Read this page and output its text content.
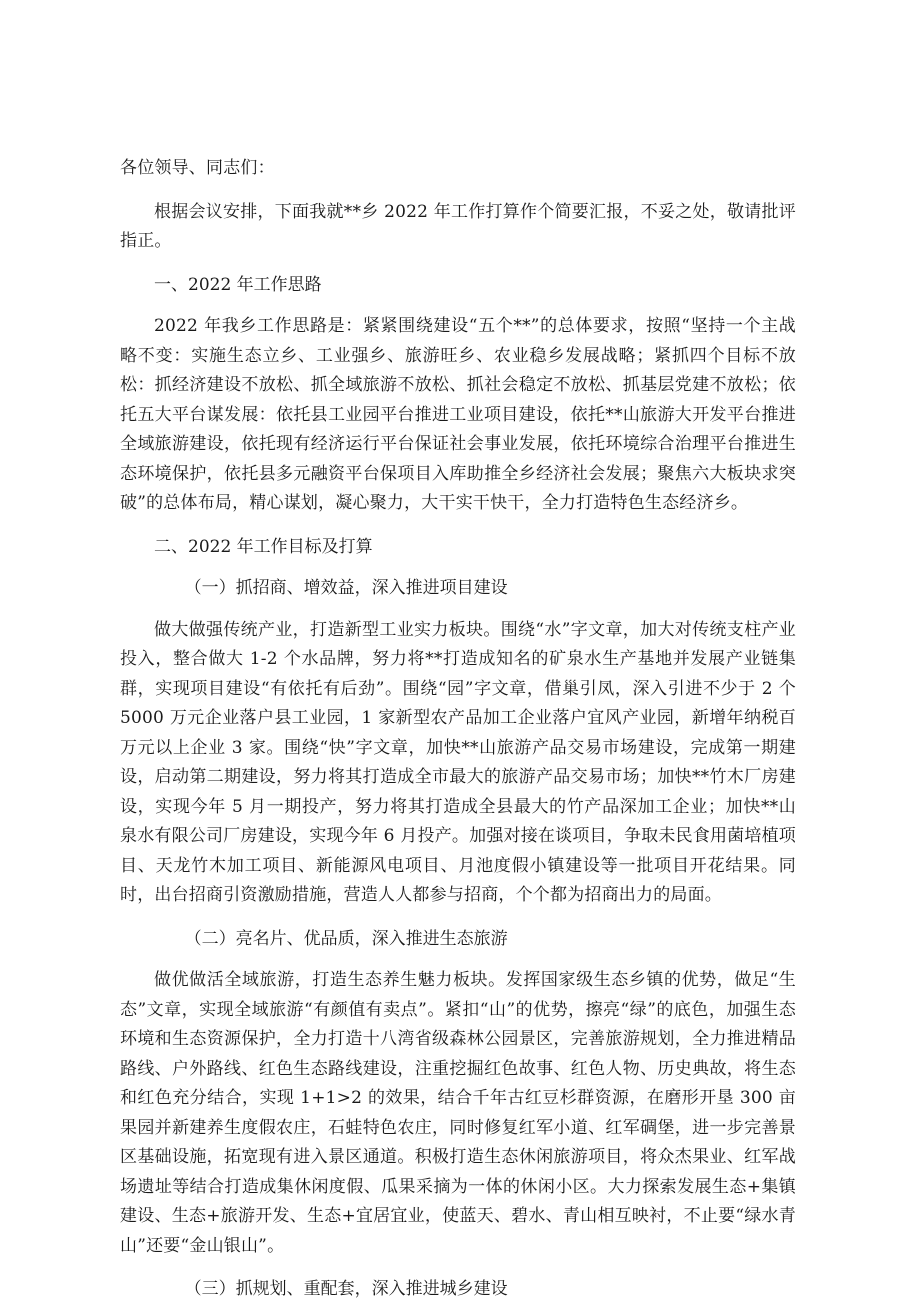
各位领导、同志们：

根据会议安排，下面我就**乡 2022 年工作打算作个简要汇报，不妥之处，敬请批评指正。

一、2022 年工作思路

2022 年我乡工作思路是：紧紧围绕建设“五个**”的总体要求，按照“坚持一个主战略不变：实施生态立乡、工业强乡、旅游旺乡、农业稳乡发展战略；紧抓四个目标不放松：抓经济建设不放松、抓全域旅游不放松、抓社会稳定不放松、抓基层党建不放松；依托五大平台谋发展：依托县工业园平台推进工业项目建设，依托**山旅游大开发平台推进全域旅游建设，依托现有经济运行平台保证社会事业发展，依托环境综合治理平台推进生态环境保护，依托县多元融资平台保项目入库助推全乡经济社会发展；聚焦六大板块求突破”的总体布局，精心谋划，凝心聚力，大干实干快干，全力打造特色生态经济乡。

二、2022 年工作目标及打算

（一）抓招商、增效益，深入推进项目建设

做大做强传统产业，打造新型工业实力板块。围绕“水”字文章，加大对传统支柱产业投入，整合做大 1-2 个水品牌，努力将**打造成知名的矿泉水生产基地并发展产业链集群，实现项目建设“有依托有后劲”。围绕“园”字文章，借巢引凤，深入引进不少于 2 个 5000 万元企业落户县工业园，1 家新型农产品加工企业落户宜风产业园，新增年纳税百万元以上企业 3 家。围绕“快”字文章，加快**山旅游产品交易市场建设，完成第一期建设，启动第二期建设，努力将其打造成全市最大的旅游产品交易市场；加快**竹木厂房建设，实现今年 5 月一期投产，努力将其打造成全县最大的竹产品深加工企业；加快**山泉水有限公司厂房建设，实现今年 6 月投产。加强对接在谈项目，争取未民食用菌培植项目、天龙竹木加工项目、新能源风电项目、月池度假小镇建设等一批项目开花结果。同时，出台招商引资激励措施，营造人人都参与招商，个个都为招商出力的局面。

（二）亮名片、优品质，深入推进生态旅游

做优做活全域旅游，打造生态养生魅力板块。发挥国家级生态乡镇的优势，做足“生态”文章，实现全域旅游“有颜值有卖点”。紧扣“山”的优势，擦亮“绿”的底色，加强生态环境和生态资源保护，全力打造十八湾省级森林公园景区，完善旅游规划，全力推进精品路线、户外路线、红色生态路线建设，注重挖掘红色故事、红色人物、历史典故，将生态和红色充分结合，实现 1+1>2 的效果，结合千年古红豆杉群资源，在磨形开垦 300 亩果园并新建养生度假农庄，石蛙特色农庄，同时修复红军小道、红军碉堡，进一步完善景区基础设施，拓宽现有进入景区通道。积极打造生态休闲旅游项目，将众杰果业、红军战场遗址等结合打造成集休闲度假、瓜果采摘为一体的休闲小区。大力探索发展生态+集镇建设、生态+旅游开发、生态+宜居宜业，使蓝天、碧水、青山相互映衬，不止要“绿水青山”还要“金山银山”。

（三）抓规划、重配套，深入推进城乡建设
